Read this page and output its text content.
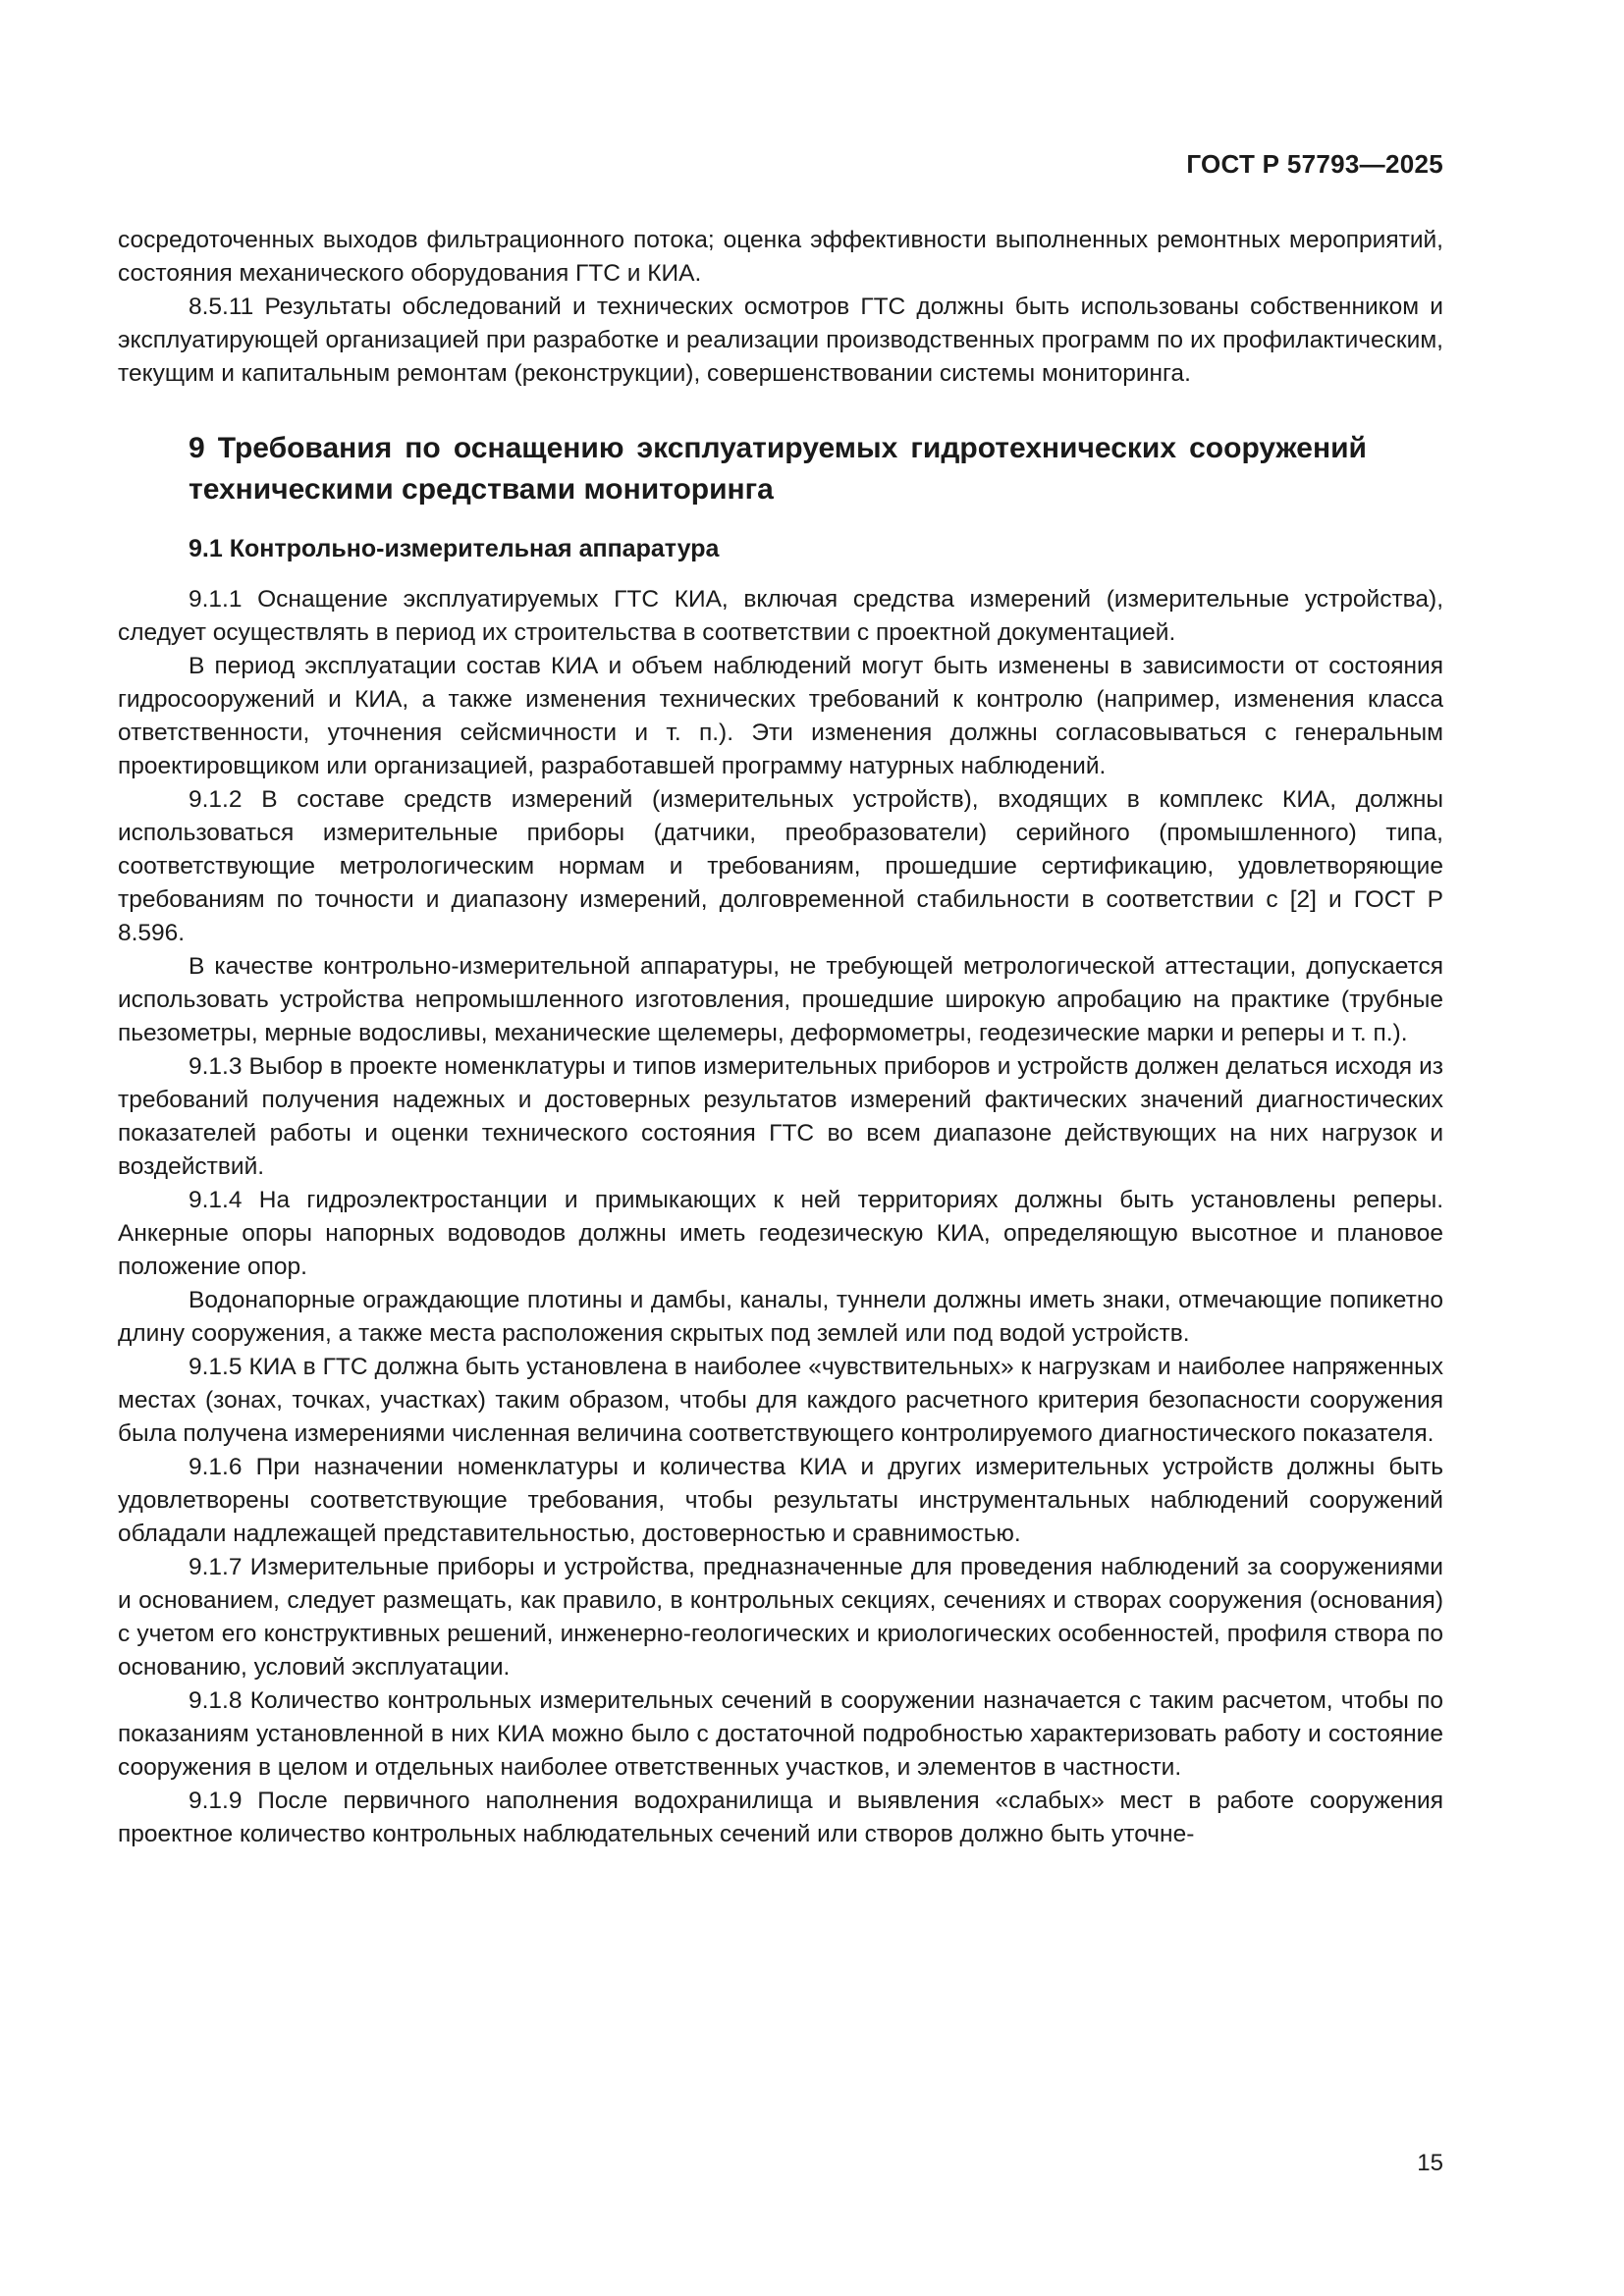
ГОСТ Р 57793—2025

сосредоточенных выходов фильтрационного потока; оценка эффективности выполненных ремонтных мероприятий, состояния механического оборудования ГТС и КИА.

8.5.11 Результаты обследований и технических осмотров ГТС должны быть использованы собственником и эксплуатирующей организацией при разработке и реализации производственных программ по их профилактическим, текущим и капитальным ремонтам (реконструкции), совершенствовании системы мониторинга.

9 Требования по оснащению эксплуатируемых гидротехнических сооружений техническими средствами мониторинга
9.1 Контрольно-измерительная аппаратура

9.1.1 Оснащение эксплуатируемых ГТС КИА, включая средства измерений (измерительные устройства), следует осуществлять в период их строительства в соответствии с проектной документацией.

В период эксплуатации состав КИА и объем наблюдений могут быть изменены в зависимости от состояния гидросооружений и КИА, а также изменения технических требований к контролю (например, изменения класса ответственности, уточнения сейсмичности и т. п.). Эти изменения должны согласовываться с генеральным проектировщиком или организацией, разработавшей программу натурных наблюдений.

9.1.2 В составе средств измерений (измерительных устройств), входящих в комплекс КИА, должны использоваться измерительные приборы (датчики, преобразователи) серийного (промышленного) типа, соответствующие метрологическим нормам и требованиям, прошедшие сертификацию, удовлетворяющие требованиям по точности и диапазону измерений, долговременной стабильности в соответствии с [2] и ГОСТ Р 8.596.

В качестве контрольно-измерительной аппаратуры, не требующей метрологической аттестации, допускается использовать устройства непромышленного изготовления, прошедшие широкую апробацию на практике (трубные пьезометры, мерные водосливы, механические щелемеры, деформометры, геодезические марки и реперы и т. п.).

9.1.3 Выбор в проекте номенклатуры и типов измерительных приборов и устройств должен делаться исходя из требований получения надежных и достоверных результатов измерений фактических значений диагностических показателей работы и оценки технического состояния ГТС во всем диапазоне действующих на них нагрузок и воздействий.

9.1.4 На гидроэлектростанции и примыкающих к ней территориях должны быть установлены реперы. Анкерные опоры напорных водоводов должны иметь геодезическую КИА, определяющую высотное и плановое положение опор.

Водонапорные ограждающие плотины и дамбы, каналы, туннели должны иметь знаки, отмечающие попикетно длину сооружения, а также места расположения скрытых под землей или под водой устройств.

9.1.5 КИА в ГТС должна быть установлена в наиболее «чувствительных» к нагрузкам и наиболее напряженных местах (зонах, точках, участках) таким образом, чтобы для каждого расчетного критерия безопасности сооружения была получена измерениями численная величина соответствующего контролируемого диагностического показателя.

9.1.6 При назначении номенклатуры и количества КИА и других измерительных устройств должны быть удовлетворены соответствующие требования, чтобы результаты инструментальных наблюдений сооружений обладали надлежащей представительностью, достоверностью и сравнимостью.

9.1.7 Измерительные приборы и устройства, предназначенные для проведения наблюдений за сооружениями и основанием, следует размещать, как правило, в контрольных секциях, сечениях и створах сооружения (основания) с учетом его конструктивных решений, инженерно-геологических и криологических особенностей, профиля створа по основанию, условий эксплуатации.

9.1.8 Количество контрольных измерительных сечений в сооружении назначается с таким расчетом, чтобы по показаниям установленной в них КИА можно было с достаточной подробностью характеризовать работу и состояние сооружения в целом и отдельных наиболее ответственных участков, и элементов в частности.

9.1.9 После первичного наполнения водохранилища и выявления «слабых» мест в работе сооружения проектное количество контрольных наблюдательных сечений или створов должно быть уточне-

15
